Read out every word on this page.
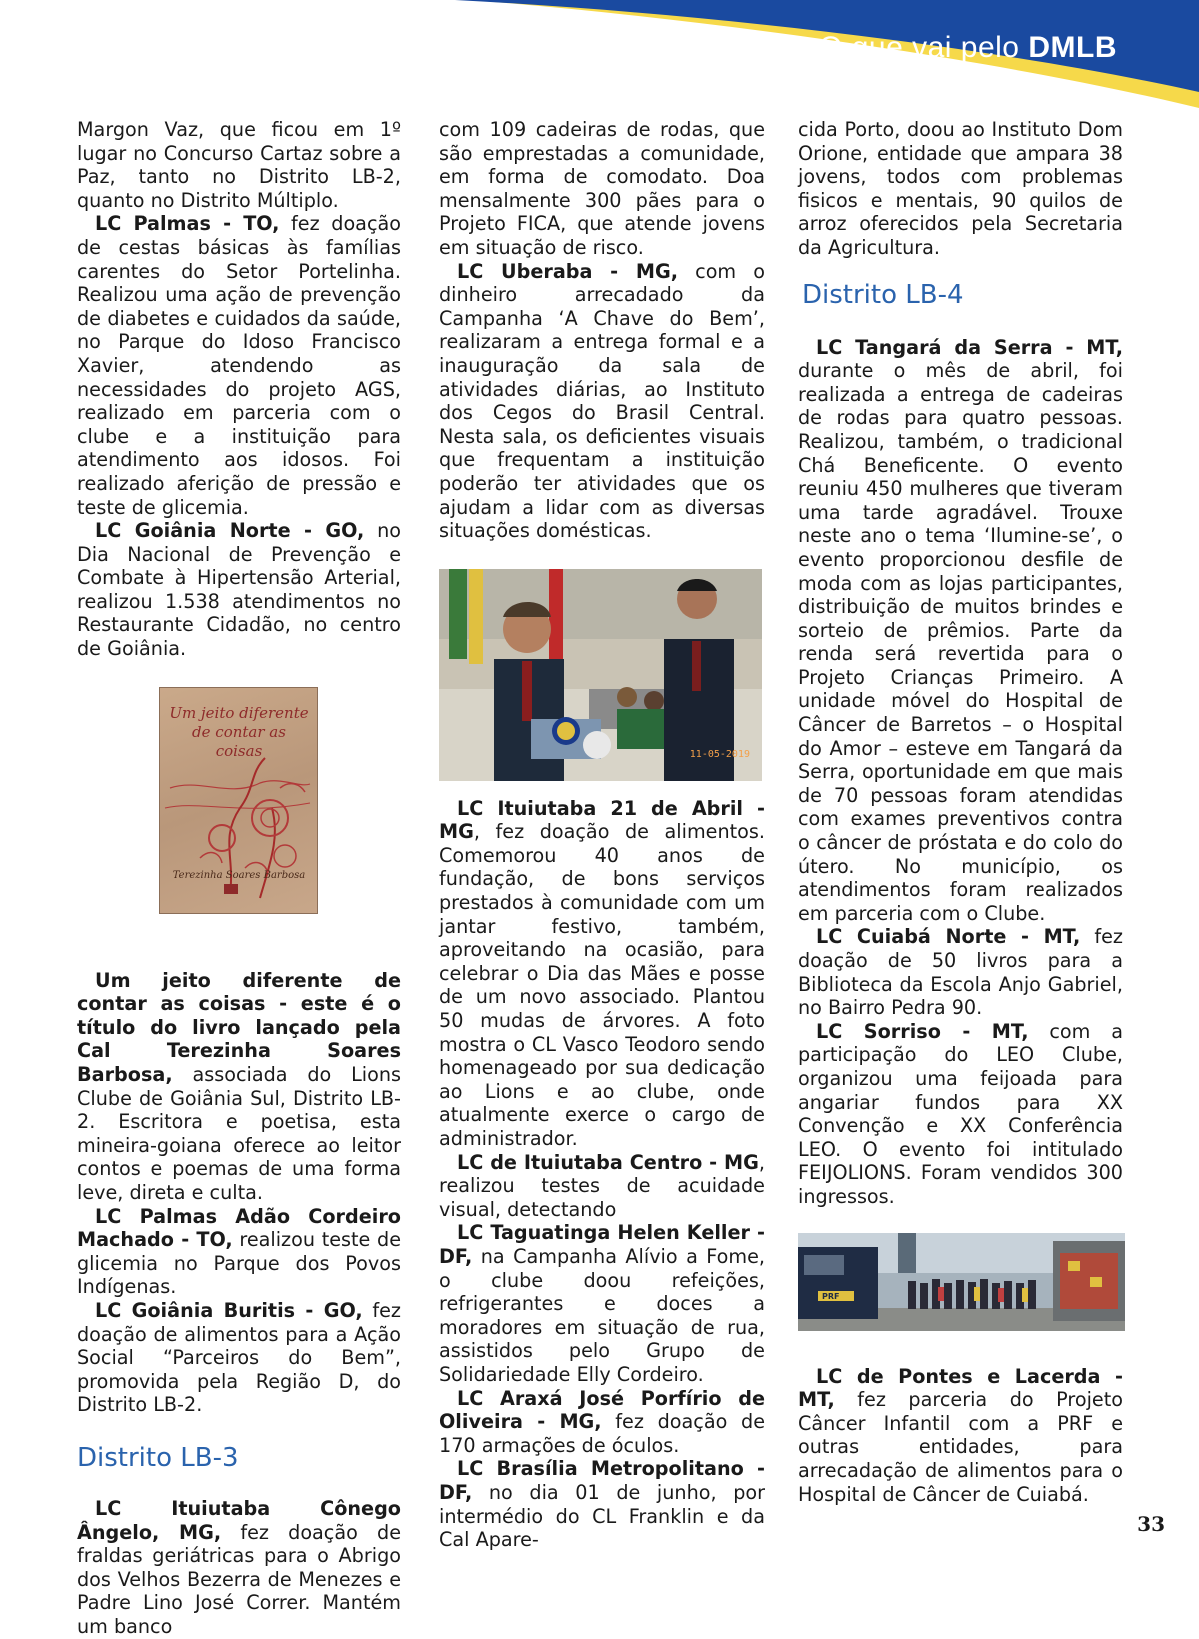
O que vai pelo DMLB

Margon Vaz, que ficou em 1º lugar no Concurso Cartaz sobre a Paz, tanto no Distrito LB-2, quanto no Distrito Múltiplo.

LC Palmas - TO, fez doação de cestas básicas às famílias carentes do Setor Portelinha. Realizou uma ação de prevenção de diabetes e cuidados da saúde, no Parque do Idoso Francisco Xavier, atendendo as necessidades do projeto AGS, realizado em parceria com o clube e a instituição para atendimento aos idosos. Foi realizado aferição de pressão e teste de glicemia.

LC Goiânia Norte - GO, no Dia Nacional de Prevenção e Combate à Hipertensão Arterial, realizou 1.538 atendimentos no Restaurante Cidadão, no centro de Goiânia.

Um jeito diferente de contar as coisas
Terezinha Soares Barbosa

Um jeito diferente de contar as coisas - este é o título do livro lançado pela Cal Terezinha Soares Barbosa, associada do Lions Clube de Goiânia Sul, Distrito LB-2. Escritora e poetisa, esta mineira-goiana oferece ao leitor contos e poemas de uma forma leve, direta e culta.

LC Palmas Adão Cordeiro Machado - TO, realizou teste de glicemia no Parque dos Povos Indígenas.

LC Goiânia Buritis - GO, fez doação de alimentos para a Ação Social “Parceiros do Bem”, promovida pela Região D, do Distrito LB-2.

Distrito LB-3

LC Ituiutaba Cônego Ângelo, MG, fez doação de fraldas geriátricas para o Abrigo dos Velhos Bezerra de Menezes e Padre Lino José Correr. Mantém um banco

com 109 cadeiras de rodas, que são emprestadas a comunidade, em forma de comodato. Doa mensalmente 300 pães para o Projeto FICA, que atende jovens em situação de risco.

LC Uberaba - MG, com o dinheiro arrecadado da Campanha ‘A Chave do Bem’, realizaram a entrega formal e a inauguração da sala de atividades diárias, ao Instituto dos Cegos do Brasil Central. Nesta sala, os deficientes visuais que frequentam a instituição poderão ter atividades que os ajudam a lidar com as diversas situações domésticas.

11-05-2019

LC Ituiutaba 21 de Abril - MG, fez doação de alimentos. Comemorou 40 anos de fundação, de bons serviços prestados à comunidade com um jantar festivo, também, aproveitando na ocasião, para celebrar o Dia das Mães e posse de um novo associado. Plantou 50 mudas de árvores. A foto mostra o CL Vasco Teodoro sendo homenageado por sua dedicação ao Lions e ao clube, onde atualmente exerce o cargo de administrador.

LC de Ituiutaba Centro - MG, realizou testes de acuidade visual, detectando

LC Taguatinga Helen Keller - DF, na Campanha Alívio a Fome, o clube doou refeições, refrigerantes e doces a moradores em situação de rua, assistidos pelo Grupo de Solidariedade Elly Cordeiro.

LC Araxá José Porfírio de Oliveira - MG, fez doação de 170 armações de óculos.

LC Brasília Metropolitano - DF, no dia 01 de junho, por intermédio do CL Franklin e da Cal Apare-

cida Porto, doou ao Instituto Dom Orione, entidade que ampara 38 jovens, todos com problemas fisicos e mentais, 90 quilos de arroz oferecidos pela Secretaria da Agricultura.

Distrito LB-4

LC Tangará da Serra - MT, durante o mês de abril, foi realizada a entrega de cadeiras de rodas para quatro pessoas. Realizou, também, o tradicional Chá Beneficente. O evento reuniu 450 mulheres que tiveram uma tarde agradável. Trouxe neste ano o tema ‘Ilumine-se’, o evento proporcionou desfile de moda com as lojas participantes, distribuição de muitos brindes e sorteio de prêmios. Parte da renda será revertida para o Projeto Crianças Primeiro. A unidade móvel do Hospital de Câncer de Barretos – o Hospital do Amor – esteve em Tangará da Serra, oportunidade em que mais de 70 pessoas foram atendidas com exames preventivos contra o câncer de próstata e do colo do útero. No município, os atendimentos foram realizados em parceria com o Clube.

LC Cuiabá Norte - MT, fez doação de 50 livros para a Biblioteca da Escola Anjo Gabriel, no Bairro Pedra 90.

LC Sorriso - MT, com a participação do LEO Clube, organizou uma feijoada para angariar fundos para XX Convenção e XX Conferência LEO. O evento foi intitulado FEIJOLIONS. Foram vendidos 300 ingressos.

PRF

LC de Pontes e Lacerda - MT, fez parceria do Projeto Câncer Infantil com a PRF e outras entidades, para arrecadação de alimentos para o Hospital de Câncer de Cuiabá.

33
